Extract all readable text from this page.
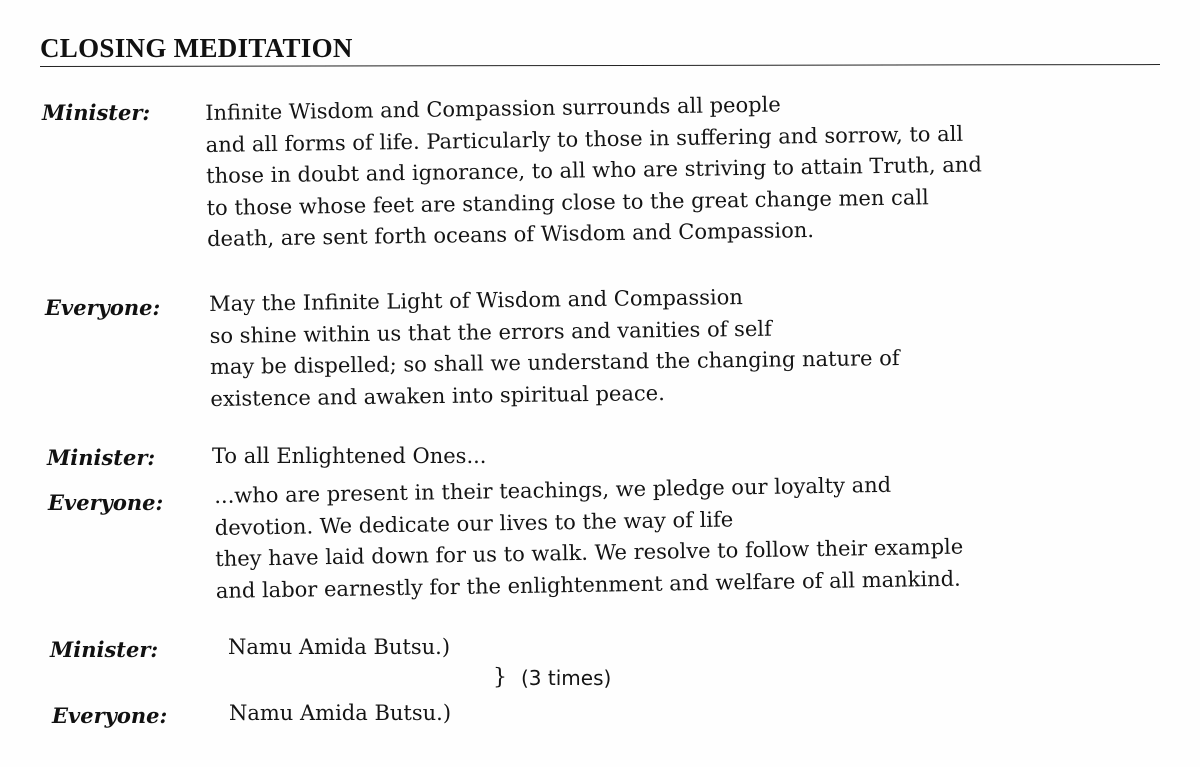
CLOSING MEDITATION
Minister:	Infinite Wisdom and Compassion surrounds all people
and all forms of life. Particularly to those in suffering and sorrow, to all
those in doubt and ignorance, to all who are striving to attain Truth, and
to those whose feet are standing close to the great change men call
death, are sent forth oceans of Wisdom and Compassion.
Everyone: May the Infinite Light of Wisdom and Compassion
so shine within us that the errors and vanities of self
may be dispelled; so shall we understand the changing nature of
existence and awaken into spiritual peace.
Minister:	To all Enlightened Ones...
Everyone: ...who are present in their teachings, we pledge our loyalty and
devotion. We dedicate our lives to the way of life
they have laid down for us to walk. We resolve to follow their example
and labor earnestly for the enlightenment and welfare of all mankind.
Minister:	Namu Amida Butsu.)
} (3 times)
Everyone:	Namu Amida Butsu.)
